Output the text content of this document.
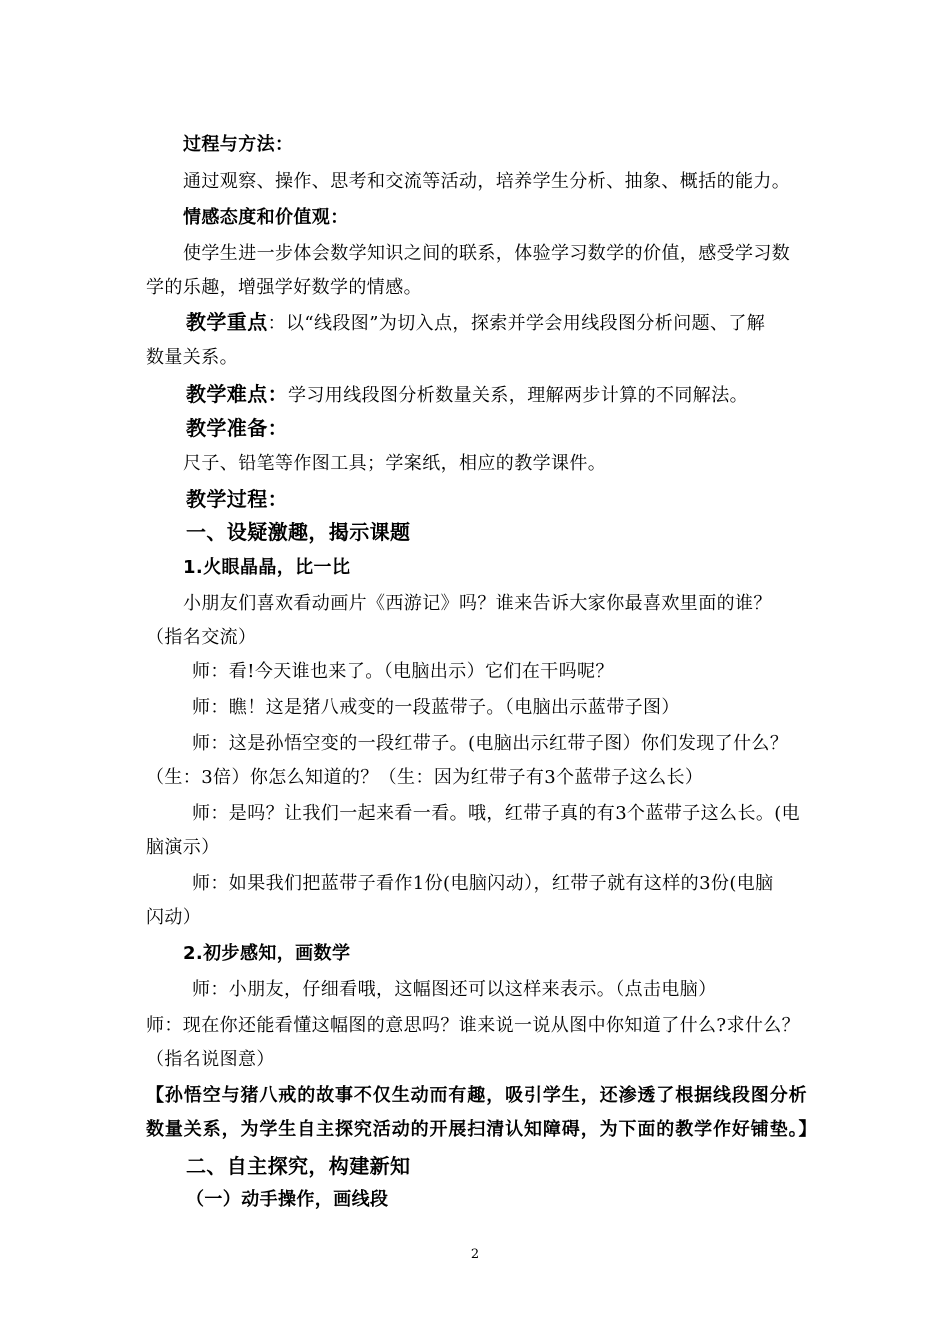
过程与方法：
通过观察、操作、思考和交流等活动，培养学生分析、抽象、概括的能力。
情感态度和价值观：
使学生进一步体会数学知识之间的联系，体验学习数学的价值，感受学习数
学的乐趣，增强学好数学的情感。
教学重点：以“线段图”为切入点，探索并学会用线段图分析问题、了解
数量关系。
教学难点：学习用线段图分析数量关系，理解两步计算的不同解法。
教学准备：
尺子、铅笔等作图工具；学案纸，相应的教学课件。
教学过程：
一、设疑激趣，揭示课题
1.火眼晶晶，比一比
小朋友们喜欢看动画片《西游记》吗？谁来告诉大家你最喜欢里面的谁？
（指名交流）
师：看!今天谁也来了。（电脑出示）它们在干吗呢？
师：瞧！这是猪八戒变的一段蓝带子。（电脑出示蓝带子图）
师：这是孙悟空变的一段红带子。(电脑出示红带子图）你们发现了什么？
（生：3倍）你怎么知道的？（生：因为红带子有3个蓝带子这么长）
师：是吗？让我们一起来看一看。哦，红带子真的有3个蓝带子这么长。(电
脑演示）
师：如果我们把蓝带子看作1份(电脑闪动），红带子就有这样的3份(电脑
闪动）
2.初步感知，画数学
师：小朋友，仔细看哦，这幅图还可以这样来表示。（点击电脑）
师：现在你还能看懂这幅图的意思吗？谁来说一说从图中你知道了什么?求什么？
（指名说图意）
【孙悟空与猪八戒的故事不仅生动而有趣，吸引学生，还渗透了根据线段图分析
数量关系，为学生自主探究活动的开展扫清认知障碍，为下面的教学作好铺垫。】
二、自主探究，构建新知
（一）动手操作，画线段
2
